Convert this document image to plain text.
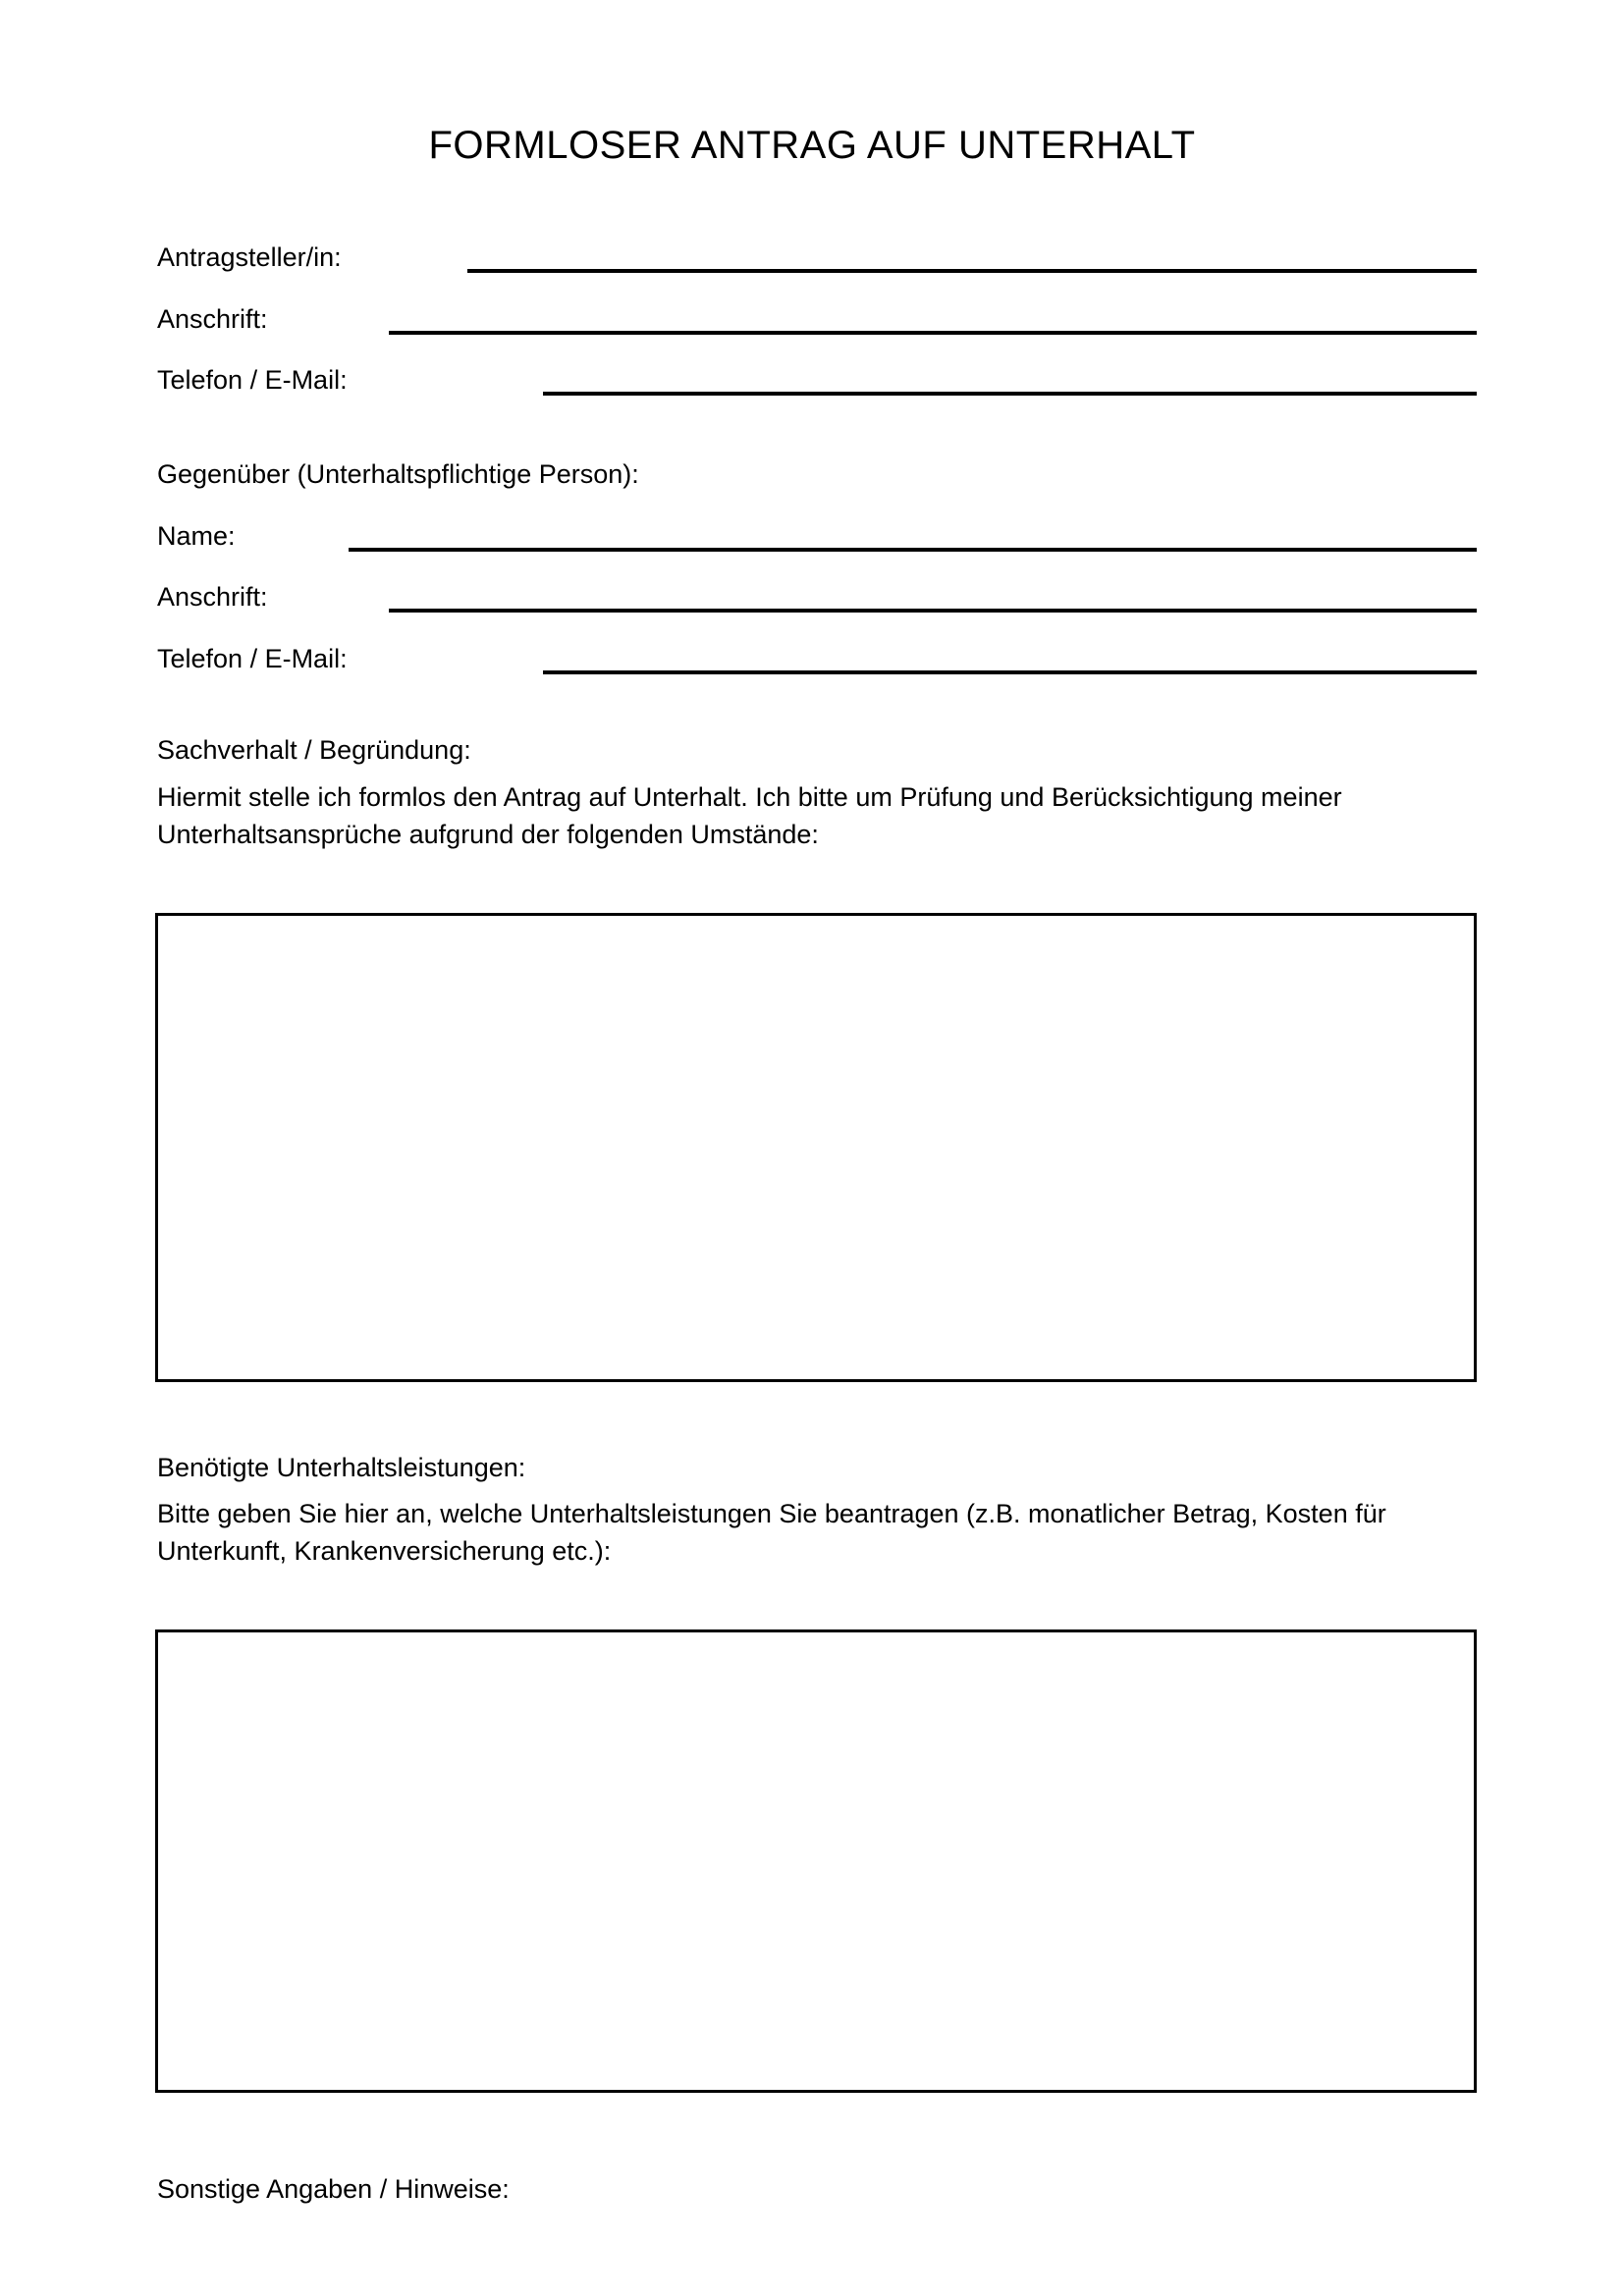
FORMLOSER ANTRAG AUF UNTERHALT
Antragsteller/in:
Anschrift:
Telefon / E-Mail:
Gegenüber (Unterhaltspflichtige Person):
Name:
Anschrift:
Telefon / E-Mail:
Sachverhalt / Begründung:
Hiermit stelle ich formlos den Antrag auf Unterhalt. Ich bitte um Prüfung und Berücksichtigung meiner
Unterhaltsansprüche aufgrund der folgenden Umstände:
Benötigte Unterhaltsleistungen:
Bitte geben Sie hier an, welche Unterhaltsleistungen Sie beantragen (z.B. monatlicher Betrag, Kosten für
Unterkunft, Krankenversicherung etc.):
Sonstige Angaben / Hinweise:
